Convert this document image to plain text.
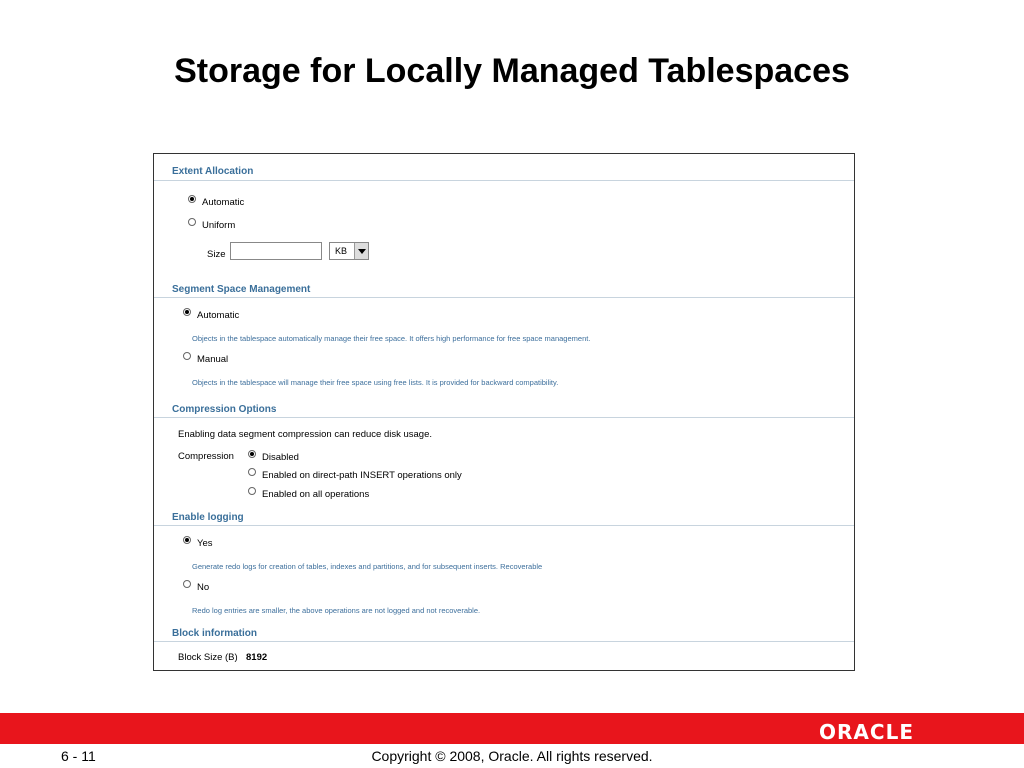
Storage for Locally Managed Tablespaces
Extent Allocation
Automatic
Uniform
Size	KB
Segment Space Management
Automatic
Objects in the tablespace automatically manage their free space. It offers high performance for free space management.
Manual
Objects in the tablespace will manage their free space using free lists. It is provided for backward compatibility.
Compression Options
Enabling data segment compression can reduce disk usage.
Compression	Disabled
Enabled on direct-path INSERT operations only
Enabled on all operations
Enable logging
Yes
Generate redo logs for creation of tables, indexes and partitions, and for subsequent inserts. Recoverable
No
Redo log entries are smaller, the above operations are not logged and not recoverable.
Block information
Block Size (B) 8192
ORACLE
Copyright © 2008, Oracle. All rights reserved.
6 - 11
